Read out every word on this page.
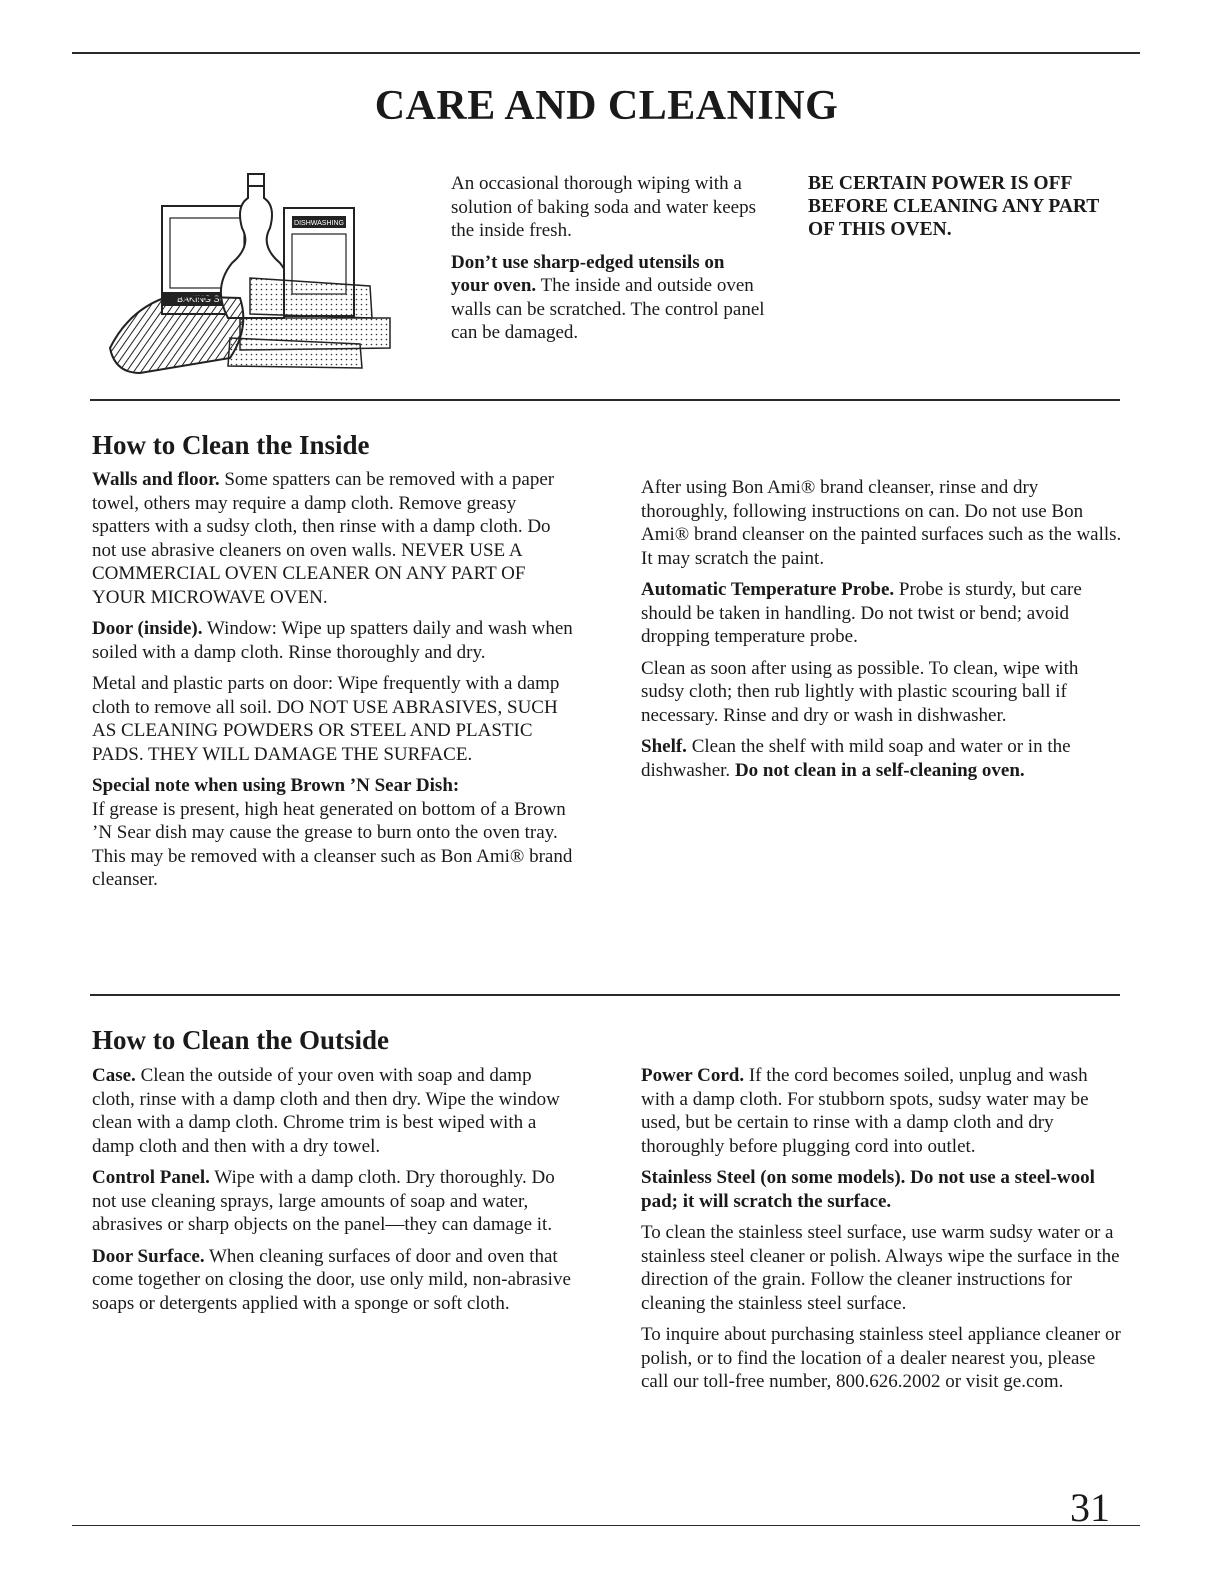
CARE AND CLEANING
DISHWASHING

An occasional thorough wiping with a solution of baking soda and water keeps the inside fresh.

Don’t use sharp-edged utensils on your oven. The inside and outside oven walls can be scratched. The control panel can be damaged.

BE CERTAIN POWER IS OFF BEFORE CLEANING ANY PART OF THIS OVEN.
How to Clean the Inside

Walls and floor. Some spatters can be removed with a paper towel, others may require a damp cloth. Remove greasy spatters with a sudsy cloth, then rinse with a damp cloth. Do not use abrasive cleaners on oven walls. NEVER USE A COMMERCIAL OVEN CLEANER ON ANY PART OF YOUR MICROWAVE OVEN.

Door (inside). Window: Wipe up spatters daily and wash when soiled with a damp cloth. Rinse thoroughly and dry.

Metal and plastic parts on door: Wipe frequently with a damp cloth to remove all soil. DO NOT USE ABRASIVES, SUCH AS CLEANING POWDERS OR STEEL AND PLASTIC PADS. THEY WILL DAMAGE THE SURFACE.

Special note when using Brown ’N Sear Dish:

If grease is present, high heat generated on bottom of a Brown ’N Sear dish may cause the grease to burn onto the oven tray. This may be removed with a cleanser such as Bon Ami® brand cleanser.

After using Bon Ami® brand cleanser, rinse and dry thoroughly, following instructions on can. Do not use Bon Ami® brand cleanser on the painted surfaces such as the walls. It may scratch the paint.

Automatic Temperature Probe. Probe is sturdy, but care should be taken in handling. Do not twist or bend; avoid dropping temperature probe.

Clean as soon after using as possible. To clean, wipe with sudsy cloth; then rub lightly with plastic scouring ball if necessary. Rinse and dry or wash in dishwasher.

Shelf. Clean the shelf with mild soap and water or in the dishwasher. Do not clean in a self-cleaning oven.

How to Clean the Outside

Case. Clean the outside of your oven with soap and damp cloth, rinse with a damp cloth and then dry. Wipe the window clean with a damp cloth. Chrome trim is best wiped with a damp cloth and then with a dry towel.

Control Panel. Wipe with a damp cloth. Dry thoroughly. Do not use cleaning sprays, large amounts of soap and water, abrasives or sharp objects on the panel—they can damage it.

Door Surface. When cleaning surfaces of door and oven that come together on closing the door, use only mild, non-abrasive soaps or detergents applied with a sponge or soft cloth.

Power Cord. If the cord becomes soiled, unplug and wash with a damp cloth. For stubborn spots, sudsy water may be used, but be certain to rinse with a damp cloth and dry thoroughly before plugging cord into outlet.

Stainless Steel (on some models). Do not use a steel-wool pad; it will scratch the surface.

To clean the stainless steel surface, use warm sudsy water or a stainless steel cleaner or polish. Always wipe the surface in the direction of the grain. Follow the cleaner instructions for cleaning the stainless steel surface.

To inquire about purchasing stainless steel appliance cleaner or polish, or to find the location of a dealer nearest you, please call our toll-free number, 800.626.2002 or visit ge.com.

31
